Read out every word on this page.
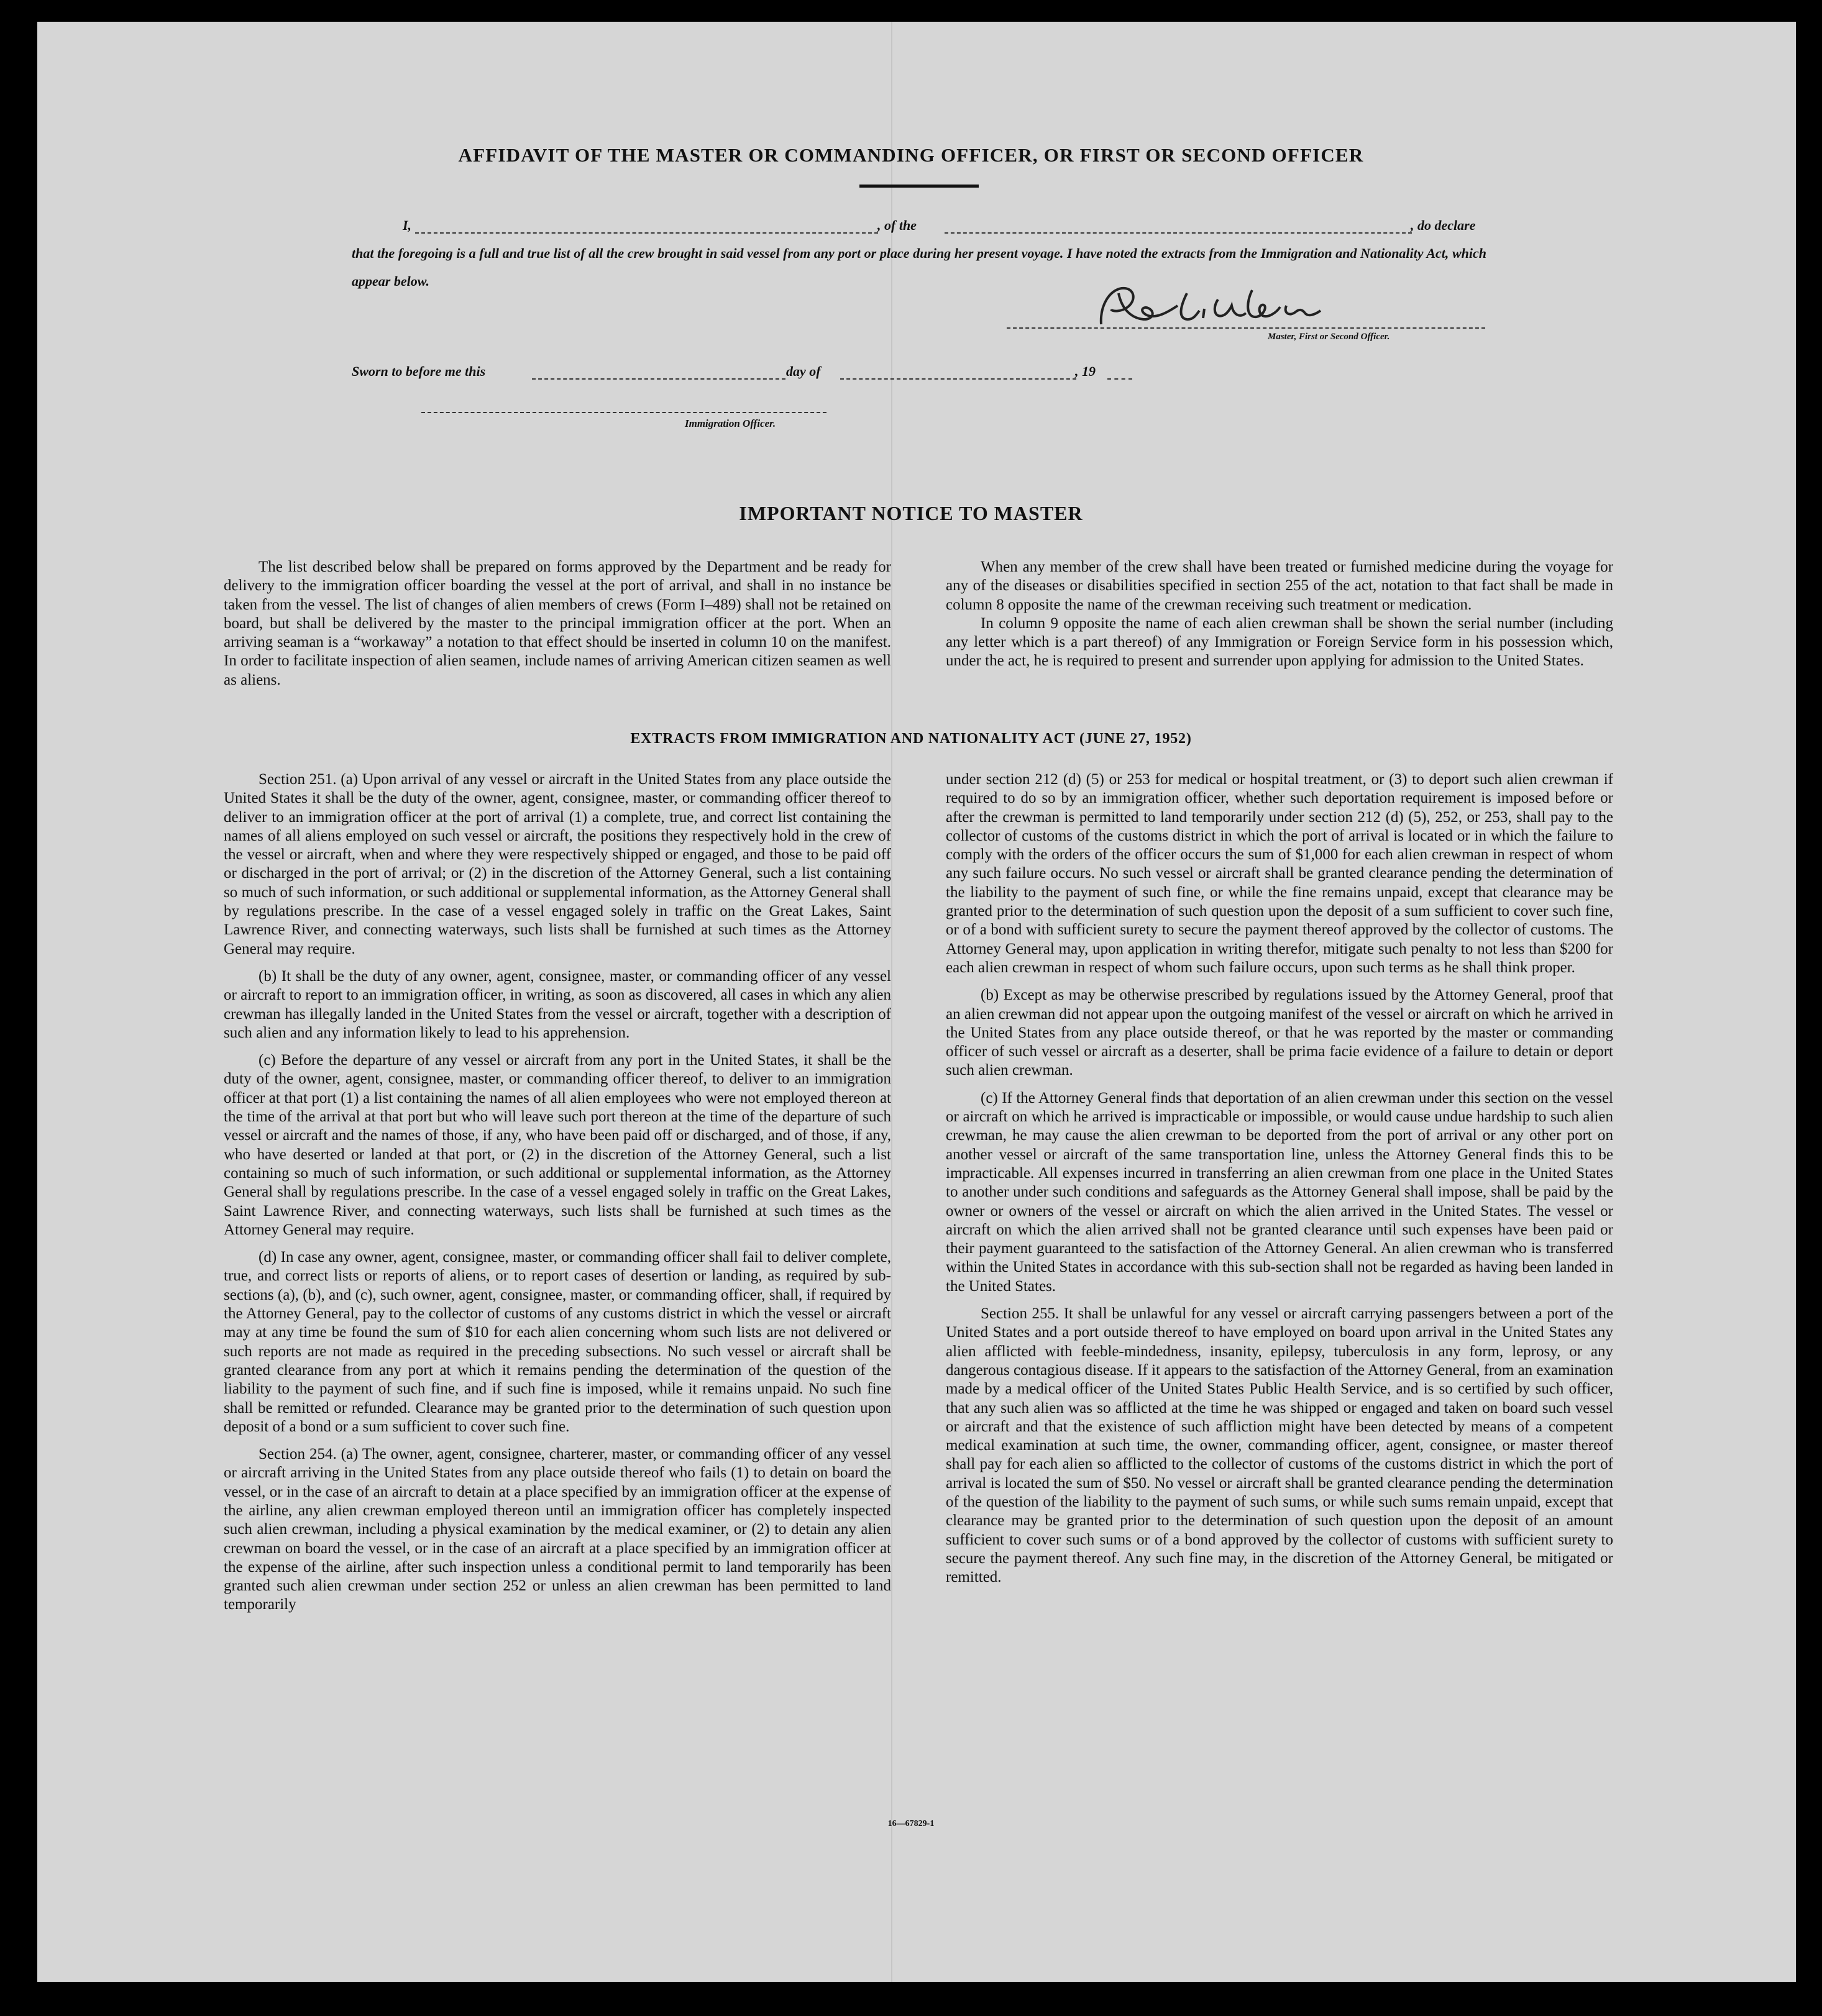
AFFIDAVIT OF THE MASTER OR COMMANDING OFFICER, OR FIRST OR SECOND OFFICER
I,	, of the	, do declare

that the foregoing is a full and true list of all the crew brought in said vessel from any port or place during her present voyage. I have noted the extracts from the Immigration and Nationality Act, which appear below.

Master, First or Second Officer.
Sworn to before me this	day of	, 19
Immigration Officer.
IMPORTANT NOTICE TO MASTER

The list described below shall be prepared on forms approved by the Department and be ready for delivery to the immigration officer boarding the vessel at the port of arrival, and shall in no instance be taken from the vessel. The list of changes of alien members of crews (Form I–489) shall not be retained on board, but shall be delivered by the master to the principal immigration officer at the port. When an arriving seaman is a “workaway” a notation to that effect should be inserted in column 10 on the manifest. In order to facilitate inspection of alien seamen, include names of arriving American citizen seamen as well as aliens.

When any member of the crew shall have been treated or furnished medicine during the voyage for any of the diseases or disabilities specified in section 255 of the act, notation to that fact shall be made in column 8 opposite the name of the crewman receiving such treatment or medication.

In column 9 opposite the name of each alien crewman shall be shown the serial number (including any letter which is a part thereof) of any Immigration or Foreign Service form in his possession which, under the act, he is required to present and surrender upon applying for admission to the United States.

EXTRACTS FROM IMMIGRATION AND NATIONALITY ACT (JUNE 27, 1952)

Section 251. (a) Upon arrival of any vessel or aircraft in the United States from any place outside the United States it shall be the duty of the owner, agent, consignee, master, or commanding officer thereof to deliver to an immigration officer at the port of arrival (1) a complete, true, and correct list containing the names of all aliens employed on such vessel or aircraft, the positions they respectively hold in the crew of the vessel or aircraft, when and where they were respectively shipped or engaged, and those to be paid off or discharged in the port of arrival; or (2) in the discretion of the Attorney General, such a list containing so much of such information, or such additional or supplemental information, as the Attorney General shall by regulations prescribe. In the case of a vessel engaged solely in traffic on the Great Lakes, Saint Lawrence River, and connecting waterways, such lists shall be furnished at such times as the Attorney General may require.

(b) It shall be the duty of any owner, agent, consignee, master, or commanding officer of any vessel or aircraft to report to an immigration officer, in writing, as soon as discovered, all cases in which any alien crewman has illegally landed in the United States from the vessel or aircraft, together with a description of such alien and any information likely to lead to his apprehension.

(c) Before the departure of any vessel or aircraft from any port in the United States, it shall be the duty of the owner, agent, consignee, master, or commanding officer thereof, to deliver to an immigration officer at that port (1) a list containing the names of all alien employees who were not employed thereon at the time of the arrival at that port but who will leave such port thereon at the time of the departure of such vessel or aircraft and the names of those, if any, who have been paid off or discharged, and of those, if any, who have deserted or landed at that port, or (2) in the discretion of the Attorney General, such a list containing so much of such information, or such additional or supplemental information, as the Attorney General shall by regulations prescribe. In the case of a vessel engaged solely in traffic on the Great Lakes, Saint Lawrence River, and connecting waterways, such lists shall be furnished at such times as the Attorney General may require.

(d) In case any owner, agent, consignee, master, or commanding officer shall fail to deliver complete, true, and correct lists or reports of aliens, or to report cases of desertion or landing, as required by sub-sections (a), (b), and (c), such owner, agent, consignee, master, or commanding officer, shall, if required by the Attorney General, pay to the collector of customs of any customs district in which the vessel or aircraft may at any time be found the sum of $10 for each alien concerning whom such lists are not delivered or such reports are not made as required in the preceding subsections. No such vessel or aircraft shall be granted clearance from any port at which it remains pending the determination of the question of the liability to the payment of such fine, and if such fine is imposed, while it remains unpaid. No such fine shall be remitted or refunded. Clearance may be granted prior to the determination of such question upon deposit of a bond or a sum sufficient to cover such fine.

Section 254. (a) The owner, agent, consignee, charterer, master, or commanding officer of any vessel or aircraft arriving in the United States from any place outside thereof who fails (1) to detain on board the vessel, or in the case of an aircraft to detain at a place specified by an immigration officer at the expense of the airline, any alien crewman employed thereon until an immigration officer has completely inspected such alien crewman, including a physical examination by the medical examiner, or (2) to detain any alien crewman on board the vessel, or in the case of an aircraft at a place specified by an immigration officer at the expense of the airline, after such inspection unless a conditional permit to land temporarily has been granted such alien crewman under section 252 or unless an alien crewman has been permitted to land temporarily

under section 212 (d) (5) or 253 for medical or hospital treatment, or (3) to deport such alien crewman if required to do so by an immigration officer, whether such deportation requirement is imposed before or after the crewman is permitted to land temporarily under section 212 (d) (5), 252, or 253, shall pay to the collector of customs of the customs district in which the port of arrival is located or in which the failure to comply with the orders of the officer occurs the sum of $1,000 for each alien crewman in respect of whom any such failure occurs. No such vessel or aircraft shall be granted clearance pending the determination of the liability to the payment of such fine, or while the fine remains unpaid, except that clearance may be granted prior to the determination of such question upon the deposit of a sum sufficient to cover such fine, or of a bond with sufficient surety to secure the payment thereof approved by the collector of customs. The Attorney General may, upon application in writing therefor, mitigate such penalty to not less than $200 for each alien crewman in respect of whom such failure occurs, upon such terms as he shall think proper.

(b) Except as may be otherwise prescribed by regulations issued by the Attorney General, proof that an alien crewman did not appear upon the outgoing manifest of the vessel or aircraft on which he arrived in the United States from any place outside thereof, or that he was reported by the master or commanding officer of such vessel or aircraft as a deserter, shall be prima facie evidence of a failure to detain or deport such alien crewman.

(c) If the Attorney General finds that deportation of an alien crewman under this section on the vessel or aircraft on which he arrived is impracticable or impossible, or would cause undue hardship to such alien crewman, he may cause the alien crewman to be deported from the port of arrival or any other port on another vessel or aircraft of the same transportation line, unless the Attorney General finds this to be impracticable. All expenses incurred in transferring an alien crewman from one place in the United States to another under such conditions and safeguards as the Attorney General shall impose, shall be paid by the owner or owners of the vessel or aircraft on which the alien arrived in the United States. The vessel or aircraft on which the alien arrived shall not be granted clearance until such expenses have been paid or their payment guaranteed to the satisfaction of the Attorney General. An alien crewman who is transferred within the United States in accordance with this sub-section shall not be regarded as having been landed in the United States.

Section 255. It shall be unlawful for any vessel or aircraft carrying passengers between a port of the United States and a port outside thereof to have employed on board upon arrival in the United States any alien afflicted with feeble-mindedness, insanity, epilepsy, tuberculosis in any form, leprosy, or any dangerous contagious disease. If it appears to the satisfaction of the Attorney General, from an examination made by a medical officer of the United States Public Health Service, and is so certified by such officer, that any such alien was so afflicted at the time he was shipped or engaged and taken on board such vessel or aircraft and that the existence of such affliction might have been detected by means of a competent medical examination at such time, the owner, commanding officer, agent, consignee, or master thereof shall pay for each alien so afflicted to the collector of customs of the customs district in which the port of arrival is located the sum of $50. No vessel or aircraft shall be granted clearance pending the determination of the question of the liability to the payment of such sums, or while such sums remain unpaid, except that clearance may be granted prior to the determination of such question upon the deposit of an amount sufficient to cover such sums or of a bond approved by the collector of customs with sufficient surety to secure the payment thereof. Any such fine may, in the discretion of the Attorney General, be mitigated or remitted.

16—67829-1
